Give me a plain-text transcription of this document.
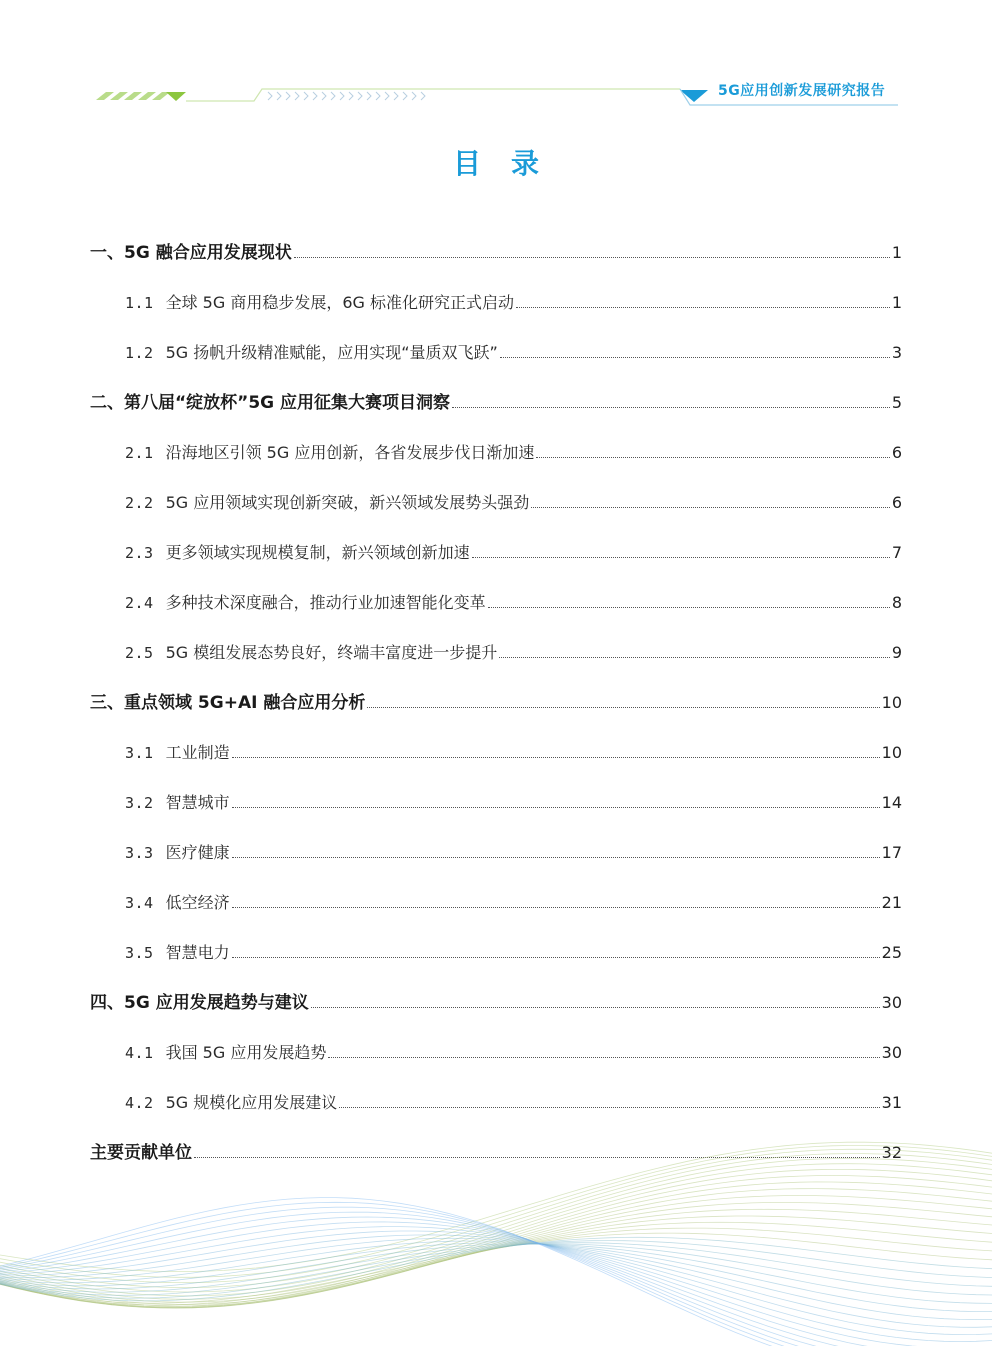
5G应用创新发展研究报告
目录
一、5G 融合应用发展现状	1
1.1 全球 5G 商用稳步发展，6G 标准化研究正式启动	1
1.2 5G 扬帆升级精准赋能，应用实现“量质双飞跃”	3
二、第八届“绽放杯”5G 应用征集大赛项目洞察	5
2.1 沿海地区引领 5G 应用创新，各省发展步伐日渐加速	6
2.2 5G 应用领域实现创新突破，新兴领域发展势头强劲	6
2.3 更多领域实现规模复制，新兴领域创新加速	7
2.4 多种技术深度融合，推动行业加速智能化变革	8
2.5 5G 模组发展态势良好，终端丰富度进一步提升	9
三、重点领域 5G+AI 融合应用分析	10
3.1 工业制造	10
3.2 智慧城市	14
3.3 医疗健康	17
3.4 低空经济	21
3.5 智慧电力	25
四、5G 应用发展趋势与建议	30
4.1 我国 5G 应用发展趋势	30
4.2 5G 规模化应用发展建议	31
主要贡献单位	32
